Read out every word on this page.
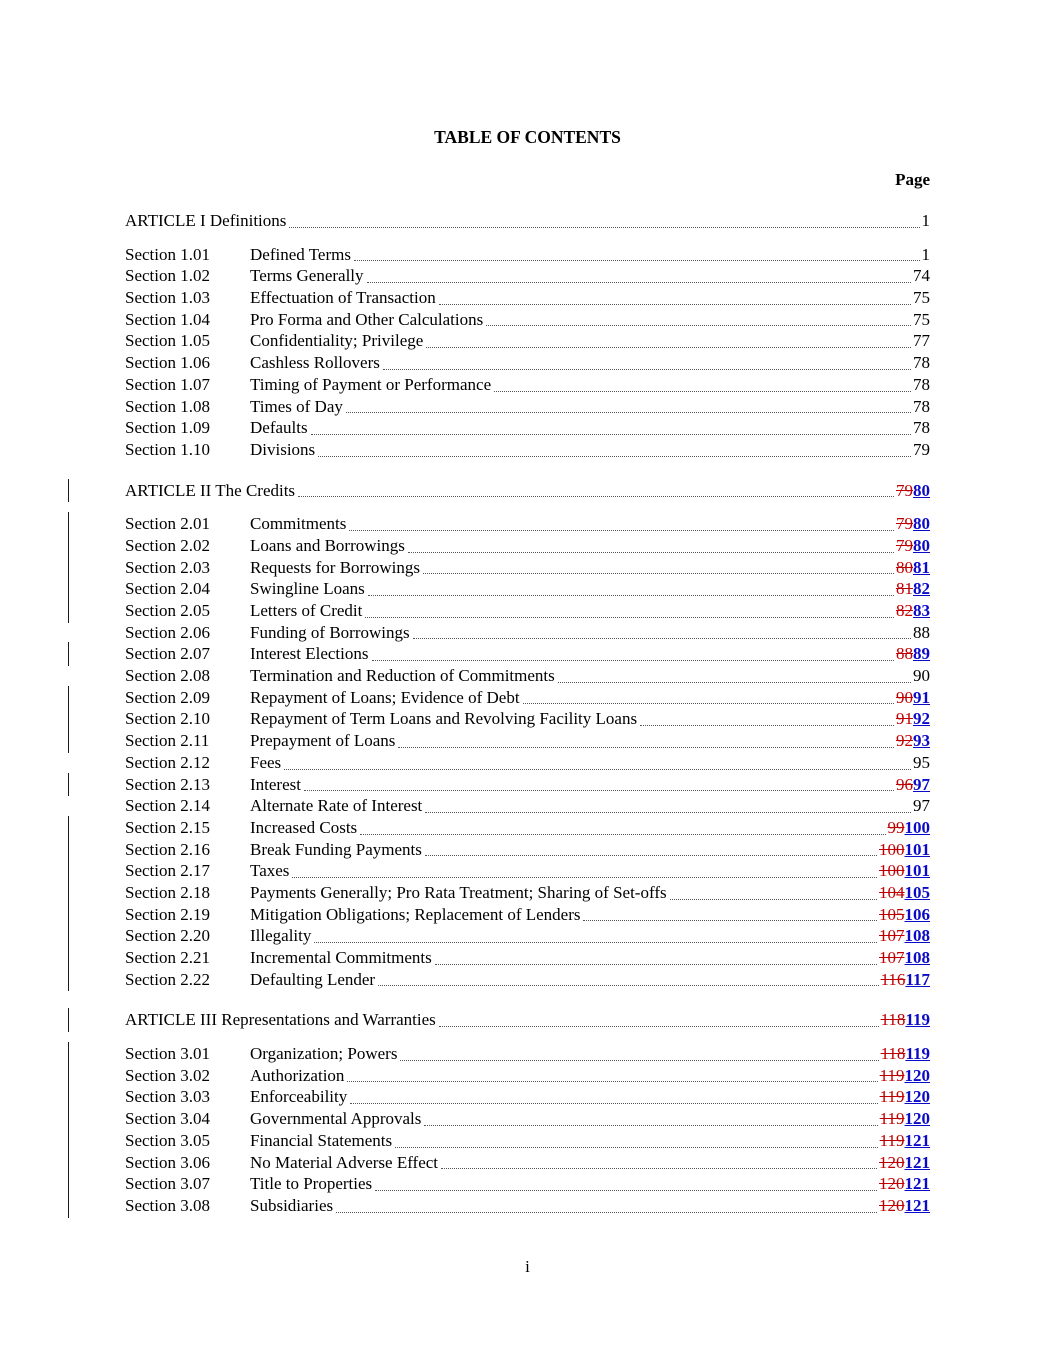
TABLE OF CONTENTS
Page
ARTICLE I Definitions	1
Section 1.01	Defined Terms	1
Section 1.02	Terms Generally	74
Section 1.03	Effectuation of Transaction	75
Section 1.04	Pro Forma and Other Calculations	75
Section 1.05	Confidentiality; Privilege	77
Section 1.06	Cashless Rollovers	78
Section 1.07	Timing of Payment or Performance	78
Section 1.08	Times of Day	78
Section 1.09	Defaults	78
Section 1.10	Divisions	79
ARTICLE II The Credits	7980
Section 2.01	Commitments	7980
Section 2.02	Loans and Borrowings	7980
Section 2.03	Requests for Borrowings	8081
Section 2.04	Swingline Loans	8182
Section 2.05	Letters of Credit	8283
Section 2.06	Funding of Borrowings	88
Section 2.07	Interest Elections	8889
Section 2.08	Termination and Reduction of Commitments	90
Section 2.09	Repayment of Loans; Evidence of Debt	9091
Section 2.10	Repayment of Term Loans and Revolving Facility Loans	9192
Section 2.11	Prepayment of Loans	9293
Section 2.12	Fees	95
Section 2.13	Interest	9697
Section 2.14	Alternate Rate of Interest	97
Section 2.15	Increased Costs	99100
Section 2.16	Break Funding Payments	100101
Section 2.17	Taxes	100101
Section 2.18	Payments Generally; Pro Rata Treatment; Sharing of Set-offs	104105
Section 2.19	Mitigation Obligations; Replacement of Lenders	105106
Section 2.20	Illegality	107108
Section 2.21	Incremental Commitments	107108
Section 2.22	Defaulting Lender	116117
ARTICLE III Representations and Warranties	118119
Section 3.01	Organization; Powers	118119
Section 3.02	Authorization	119120
Section 3.03	Enforceability	119120
Section 3.04	Governmental Approvals	119120
Section 3.05	Financial Statements	119121
Section 3.06	No Material Adverse Effect	120121
Section 3.07	Title to Properties	120121
Section 3.08	Subsidiaries	120121
i
